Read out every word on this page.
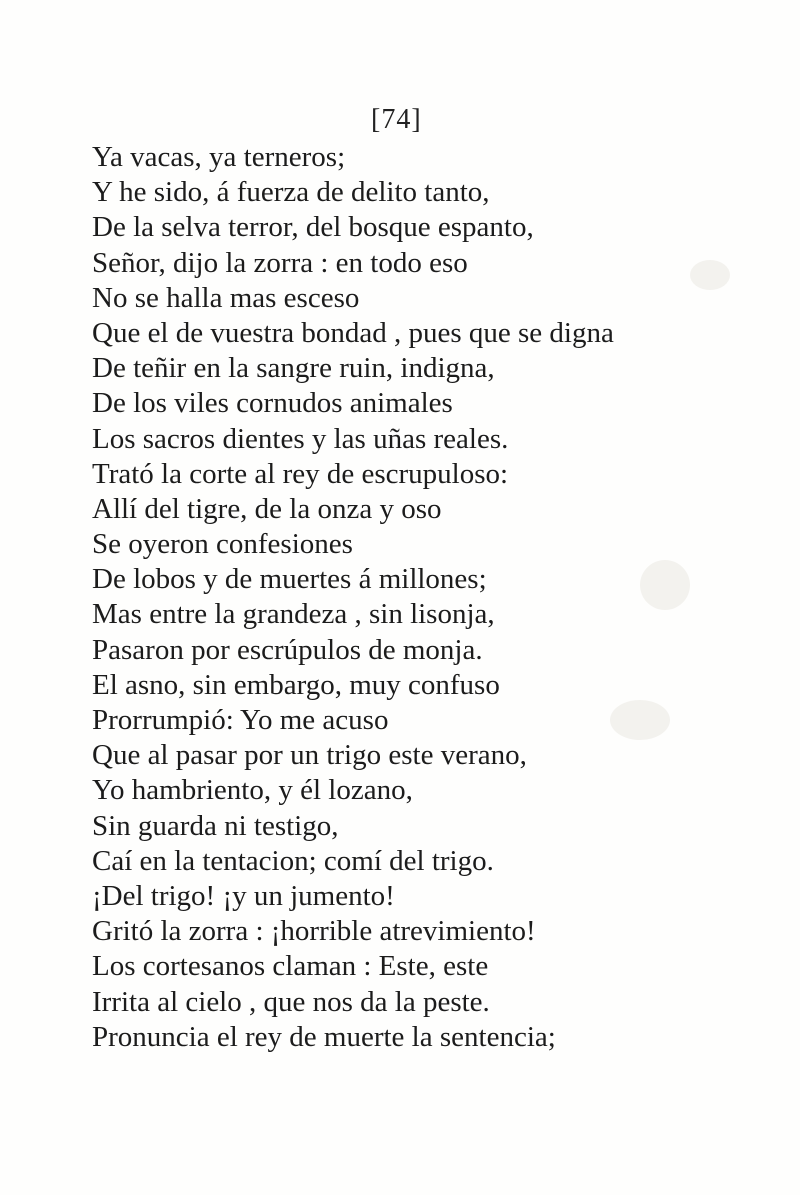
[74]
Ya vacas, ya terneros;
Y he sido, á fuerza de delito tanto,
De la selva terror, del bosque espanto,
Señor, dijo la zorra : en todo eso
No se halla mas esceso
Que el de vuestra bondad , pues que se digna
De teñir en la sangre ruin, indigna,
De los viles cornudos animales
Los sacros dientes y las uñas reales.
Trató la corte al rey de escrupuloso:
Allí del tigre, de la onza y oso
Se oyeron confesiones
De lobos y de muertes á millones;
Mas entre la grandeza , sin lisonja,
Pasaron por escrúpulos de monja.
El asno, sin embargo, muy confuso
Prorrumpió: Yo me acuso
Que al pasar por un trigo este verano,
Yo hambriento, y él lozano,
Sin guarda ni testigo,
Caí en la tentacion; comí del trigo.
¡Del trigo! ¡y un jumento!
Gritó la zorra : ¡horrible atrevimiento!
Los cortesanos claman : Este, este
Irrita al cielo , que nos da la peste.
Pronuncia el rey de muerte la sentencia;
